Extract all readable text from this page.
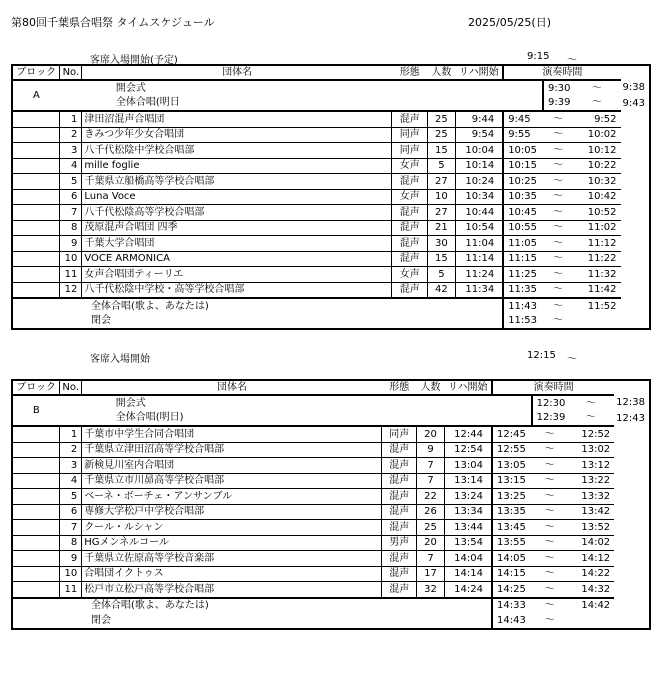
第80回千葉県合唱祭 タイムスケジュール	2025/05/25(日)
客席入場開始(予定)	9:15 〜
ブロック	No.	団体名	形態	人数	リハ開始	演奏時間			
A	開会式						9:30	〜	9:38
	全体合唱(明日						9:39	〜	9:43
	1	津田沼混声合唱団	混声	25	9:44	9:45	〜	9:52	
	2	きみつ少年少女合唱団	同声	25	9:54	9:55	〜	10:02	
	3	八千代松陰中学校合唱部	同声	15	10:04	10:05	〜	10:12	
	4	mille foglie	女声	5	10:14	10:15	〜	10:22	
	5	千葉県立船橋高等学校合唱部	混声	27	10:24	10:25	〜	10:32	
	6	Luna Voce	女声	10	10:34	10:35	〜	10:42	
	7	八千代松陰高等学校合唱部	混声	27	10:44	10:45	〜	10:52	
	8	茂原混声合唱団 四季	混声	21	10:54	10:55	〜	11:02	
	9	千葉大学合唱団	混声	30	11:04	11:05	〜	11:12	
	10	VOCE ARMONICA	混声	15	11:14	11:15	〜	11:22	
	11	女声合唱団ティーリエ	女声	5	11:24	11:25	〜	11:32	
	12	八千代松陰中学校・高等学校合唱部	混声	42	11:34	11:35	〜	11:42	
全体合唱(歌よ、あなたは)						11:43	〜	11:52	
閉会						11:53	〜		
客席入場開始	12:15 〜
ブロック	No.	団体名	形態	人数	リハ開始	演奏時間			
B	開会式						12:30	〜	12:38
	全体合唱(明日)						12:39	〜	12:43
	1	千葉市中学生合同合唱団	同声	20	12:44	12:45	〜	12:52	
	2	千葉県立津田沼高等学校合唱部	混声	9	12:54	12:55	〜	13:02	
	3	新検見川室内合唱団	混声	7	13:04	13:05	〜	13:12	
	4	千葉県立市川昴高等学校合唱部	混声	7	13:14	13:15	〜	13:22	
	5	ベーネ・ボーチェ・アンサンブル	混声	22	13:24	13:25	〜	13:32	
	6	専修大学松戸中学校合唱部	混声	26	13:34	13:35	〜	13:42	
	7	クール・ルシャン	混声	25	13:44	13:45	〜	13:52	
	8	HGメンネルコール	男声	20	13:54	13:55	〜	14:02	
	9	千葉県立佐原高等学校音楽部	混声	7	14:04	14:05	〜	14:12	
	10	合唱団イクトゥス	混声	17	14:14	14:15	〜	14:22	
	11	松戸市立松戸高等学校合唱部	混声	32	14:24	14:25	〜	14:32	
全体合唱(歌よ、あなたは)						14:33	〜	14:42	
閉会						14:43	〜		
